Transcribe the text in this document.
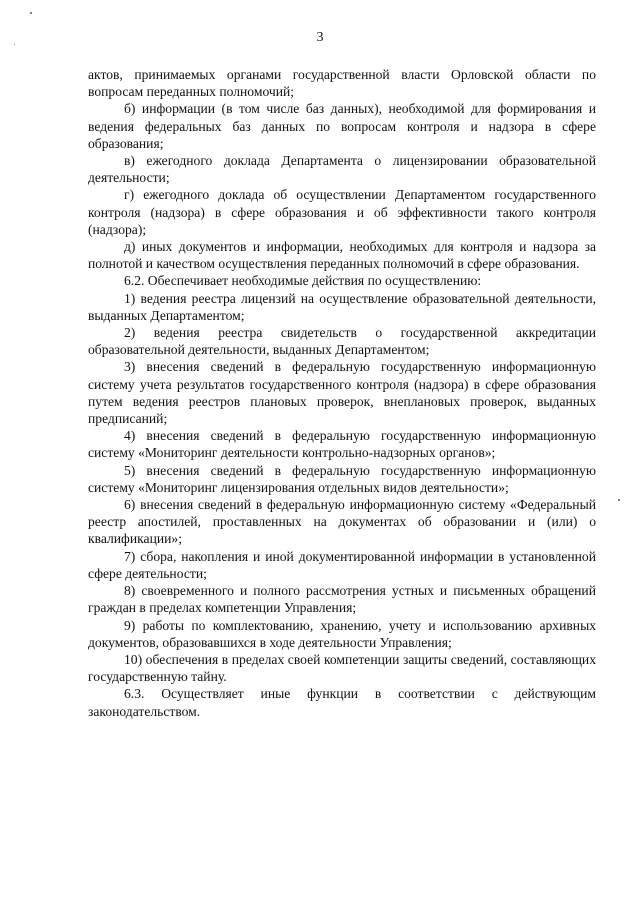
3

актов, принимаемых органами государственной власти Орловской области по вопросам переданных полномочий;

б) информации (в том числе баз данных), необходимой для формирования и ведения федеральных баз данных по вопросам контроля и надзора в сфере образования;

в) ежегодного доклада Департамента о лицензировании образовательной деятельности;

г) ежегодного доклада об осуществлении Департаментом государственного контроля (надзора) в сфере образования и об эффективности такого контроля (надзора);

д) иных документов и информации, необходимых для контроля и надзора за полнотой и качеством осуществления переданных полномочий в сфере образования.

6.2. Обеспечивает необходимые действия по осуществлению:

1) ведения реестра лицензий на осуществление образовательной деятельности, выданных Департаментом;

2) ведения реестра свидетельств о государственной аккредитации образовательной деятельности, выданных Департаментом;

3) внесения сведений в федеральную государственную информационную систему учета результатов государственного контроля (надзора) в сфере образования путем ведения реестров плановых проверок, внеплановых проверок, выданных предписаний;

4) внесения сведений в федеральную государственную информационную систему «Мониторинг деятельности контрольно-надзорных органов»;

5) внесения сведений в федеральную государственную информационную систему «Мониторинг лицензирования отдельных видов деятельности»;

6) внесения сведений в федеральную информационную систему «Федеральный реестр апостилей, проставленных на документах об образовании и (или) о квалификации»;

7) сбора, накопления и иной документированной информации в установленной сфере деятельности;

8) своевременного и полного рассмотрения устных и письменных обращений граждан в пределах компетенции Управления;

9) работы по комплектованию, хранению, учету и использованию архивных документов, образовавшихся в ходе деятельности Управления;

10) обеспечения в пределах своей компетенции защиты сведений, составляющих государственную тайну.

6.3. Осуществляет иные функции в соответствии с действующим законодательством.
